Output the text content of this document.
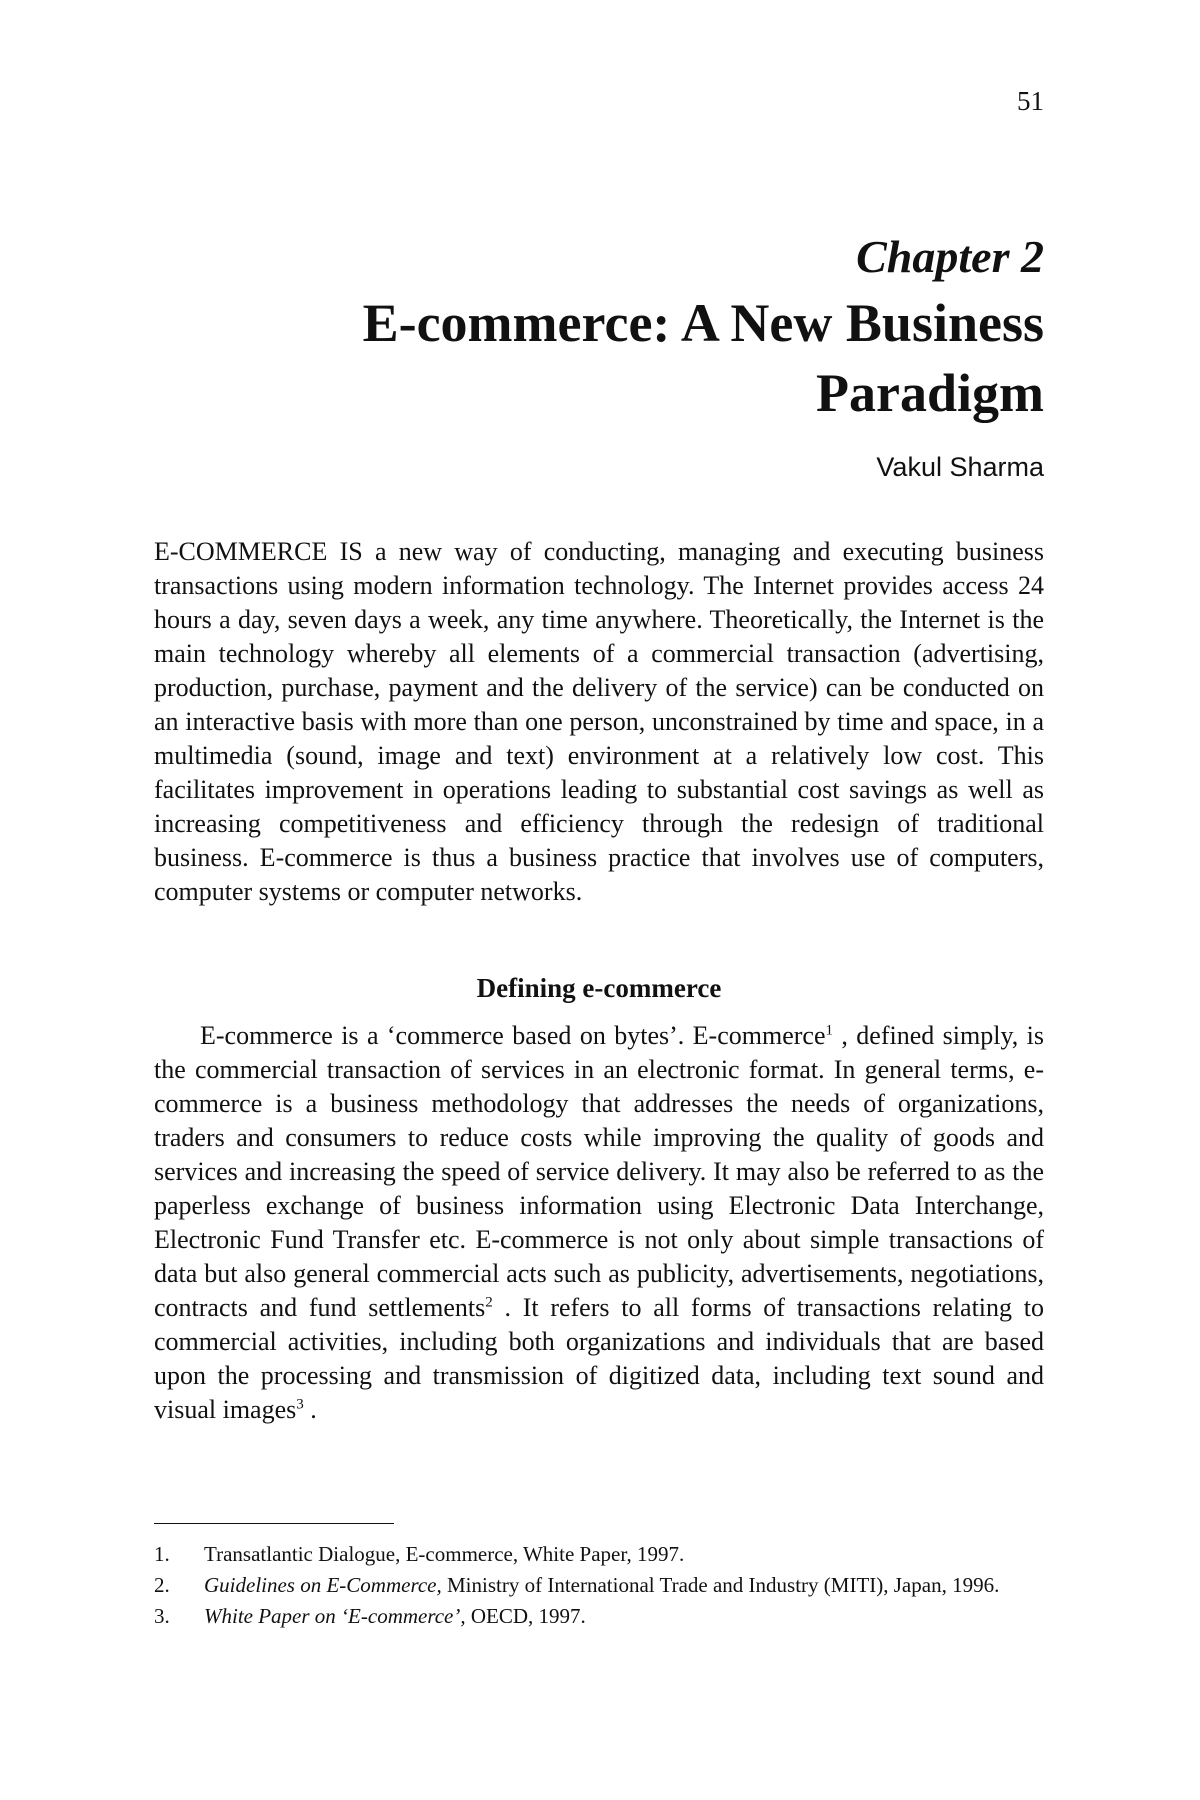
51
Chapter 2
E-commerce: A New Business Paradigm
Vakul Sharma

E-COMMERCE IS a new way of conducting, managing and executing business transactions using modern information technology. The Internet provides access 24 hours a day, seven days a week, any time anywhere. Theoretically, the Internet is the main technology whereby all elements of a commercial transaction (advertising, production, purchase, payment and the delivery of the service) can be conducted on an interactive basis with more than one person, unconstrained by time and space, in a multimedia (sound, image and text) environment at a relatively low cost. This facilitates improvement in operations leading to substantial cost savings as well as increasing competitiveness and efficiency through the redesign of traditional business. E-commerce is thus a business practice that involves use of computers, computer systems or computer networks.

Defining e-commerce

E-commerce is a ‘commerce based on bytes’. E-commerce$^1$ , defined simply, is the commercial transaction of services in an electronic format. In general terms, e-commerce is a business methodology that addresses the needs of organizations, traders and consumers to reduce costs while improving the quality of goods and services and increasing the speed of service delivery. It may also be referred to as the paperless exchange of business information using Electronic Data Interchange, Electronic Fund Transfer etc. E-commerce is not only about simple transactions of data but also general commercial acts such as publicity, advertisements, negotiations, contracts and fund settlements$^2$ . It refers to all forms of transactions relating to commercial activities, including both organizations and individuals that are based upon the processing and transmission of digitized data, including text sound and visual images$^3$ .

1.	Transatlantic Dialogue, E-commerce, White Paper, 1997.
2.	Guidelines on E-Commerce, Ministry of International Trade and Industry (MITI), Japan, 1996.
3.	White Paper on ‘E-commerce’, OECD, 1997.
